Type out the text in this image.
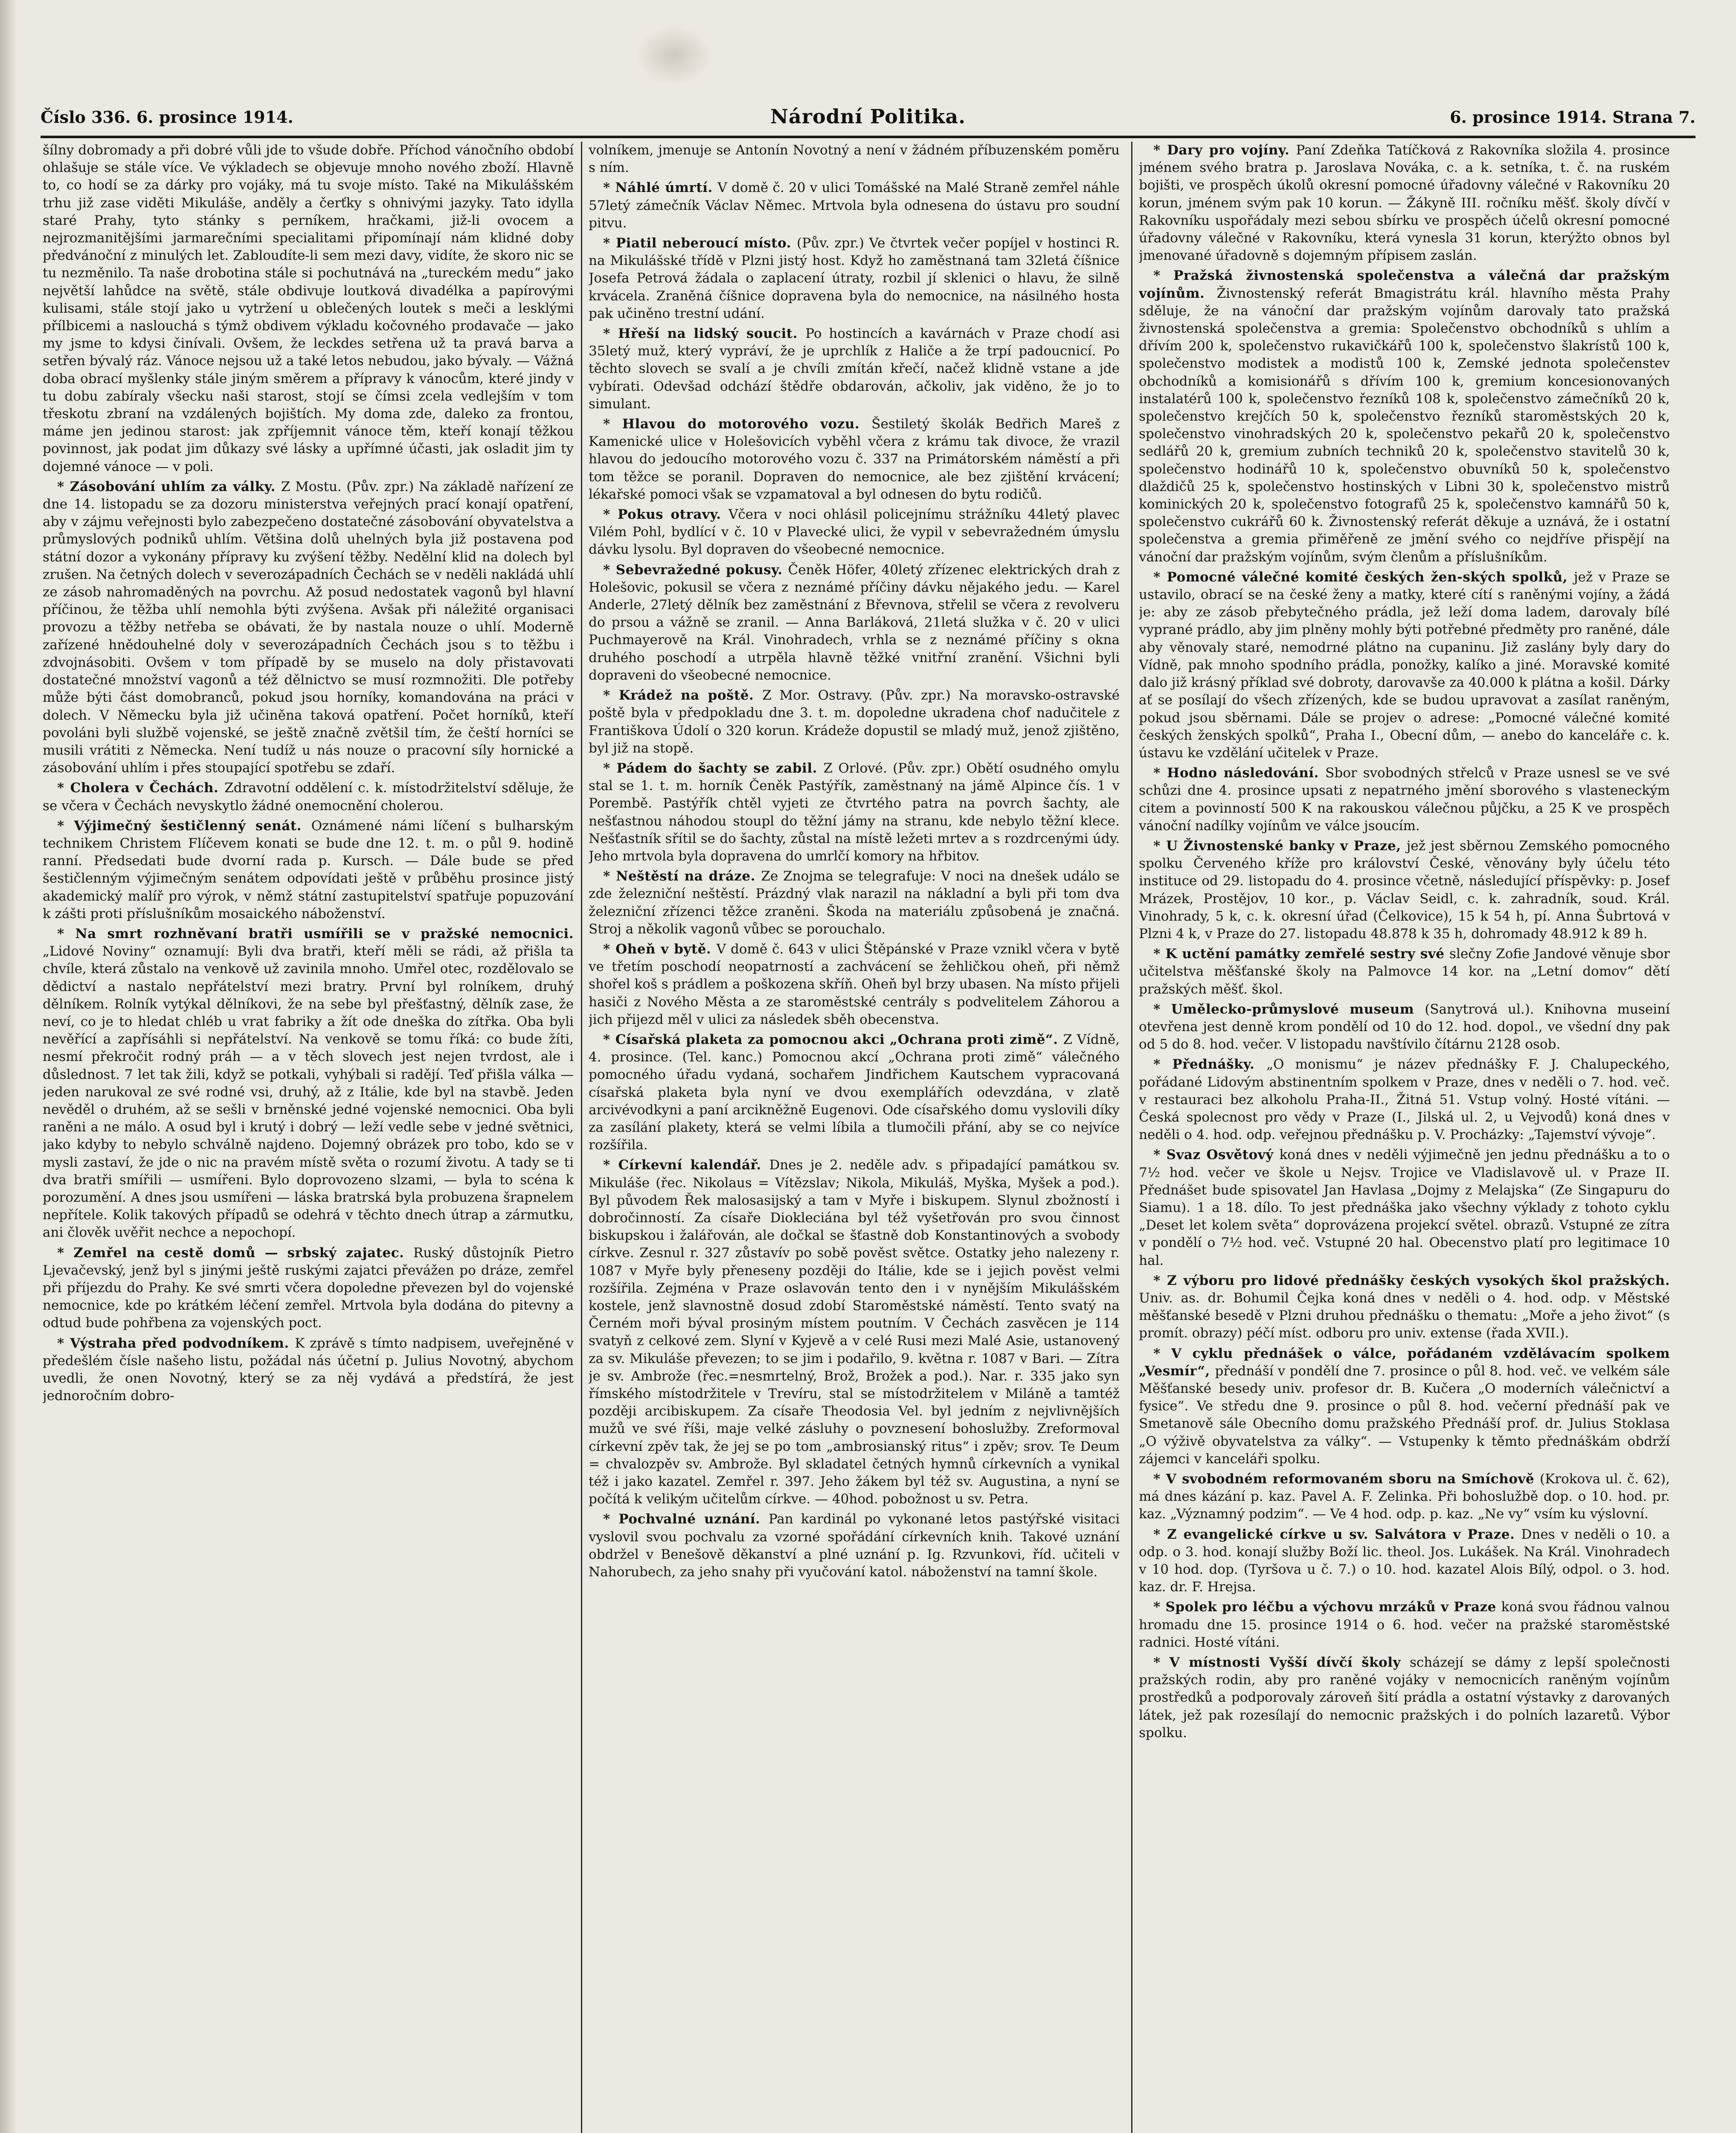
Číslo 336. 6. prosince 1914.	Národní Politika.	6. prosince 1914. Strana 7.

šílny dobromady a při dobré vůli jde to všude dobře. Příchod vánočního období ohlašuje se stále více. Ve výkladech se objevuje mnoho nového zboží. Hlavně to, co hodí se za dárky pro vojáky, má tu svoje místo. Také na Mikulášském trhu již zase viděti Mikuláše, anděly a čerťky s ohnivými jazyky. Tato idylla staré Prahy, tyto stánky s perníkem, hračkami, již-li ovocem a nejrozmanitějšími jarmarečními specialitami připomínají nám klidné doby předvánoční z minulých let. Zabloudíte-li sem mezi davy, vidíte, že skoro nic se tu nezměnilo. Ta naše drobotina stále si pochutnává na „tureckém medu“ jako největší lahůdce na světě, stále obdivuje loutková divadélka a papírovými kulisami, stále stojí jako u vytržení u oblečených loutek s meči a lesklými přílbicemi a naslouchá s týmž obdivem výkladu kočovného prodavače — jako my jsme to kdysi činívali. Ovšem, že leckdes setřena už ta pravá barva a setřen bývalý ráz. Vánoce nejsou už a také letos nebudou, jako bývaly. — Vážná doba obrací myšlenky stále jiným směrem a přípravy k vánocům, které jindy v tu dobu zabíraly všecku naši starost, stojí se čímsi zcela vedlejším v tom třeskotu zbraní na vzdálených bojištích. My doma zde, daleko za frontou, máme jen jedinou starost: jak zpříjemnit vánoce těm, kteří konají těžkou povinnost, jak podat jim důkazy své lásky a upřímné účasti, jak osladit jim ty dojemné vánoce — v poli.

* Zásobování uhlím za války. Z Mostu. (Pův. zpr.) Na základě nařízení ze dne 14. listopadu se za dozoru ministerstva veřejných prací konají opatření, aby v zájmu veřejnosti bylo zabezpečeno dostatečné zásobování obyvatelstva a průmyslových podniků uhlím. Většina dolů uhelných byla již postavena pod státní dozor a vykonány přípravy ku zvýšení těžby. Nedělní klid na dolech byl zrušen. Na četných dolech v severozápadních Čechách se v neděli nakládá uhlí ze zásob nahromaděných na povrchu. Až posud nedostatek vagonů byl hlavní příčinou, že těžba uhlí nemohla býti zvýšena. Avšak při náležité organisaci provozu a těžby netřeba se obávati, že by nastala nouze o uhlí. Moderně zařízené hnědouhelné doly v severozápadních Čechách jsou s to těžbu i zdvojnásobiti. Ovšem v tom případě by se muselo na doly přistavovati dostatečné množství vagonů a též dělnictvo se musí rozmnožiti. Dle potřeby může býti část domobranců, pokud jsou horníky, komandována na práci v dolech. V Německu byla již učiněna taková opatření. Počet horníků, kteří povoláni byli službě vojenské, se ještě značně zvětšil tím, že čeští horníci se musili vrátiti z Německa. Není tudíž u nás nouze o pracovní síly hornické a zásobování uhlím i přes stoupající spotřebu se zdaří.

* Cholera v Čechách. Zdravotní oddělení c. k. místodržitelství sděluje, že se včera v Čechách nevyskytlo žádné onemocnění cholerou.

* Výjimečný šestičlenný senát. Oznámené námi líčení s bulharským technikem Christem Flíčevem konati se bude dne 12. t. m. o půl 9. hodině ranní. Předsedati bude dvorní rada p. Kursch. — Dále bude se před šestičlenným výjimečným senátem odpovídati ještě v průběhu prosince jistý akademický malíř pro výrok, v němž státní zastupitelství spatřuje popuzování k zášti proti příslušníkům mosaického náboženství.

* Na smrt rozhněvaní bratři usmířili se v pražské nemocnici. „Lidové Noviny“ oznamují: Byli dva bratři, kteří měli se rádi, až přišla ta chvíle, která zůstalo na venkově už zavinila mnoho. Umřel otec, rozdělovalo se dědictví a nastalo nepřátelství mezi bratry. První byl rolníkem, druhý dělníkem. Rolník vytýkal dělníkovi, že na sebe byl přešťastný, dělník zase, že neví, co je to hledat chléb u vrat fabriky a žít ode dneška do zítřka. Oba byli nevěřící a zapřísáhli si nepřátelství. Na venkově se tomu říká: co bude žíti, nesmí překročit rodný práh — a v těch slovech jest nejen tvrdost, ale i důslednost. 7 let tak žili, když se potkali, vyhýbali si radějí. Teď přišla válka — jeden narukoval ze své rodné vsi, druhý, až z Itálie, kde byl na stavbě. Jeden nevěděl o druhém, až se sešli v brněnské jedné vojenské nemocnici. Oba byli raněni a ne málo. A osud byl i krutý i dobrý — leží vedle sebe v jedné světnici, jako kdyby to nebylo schválně najdeno. Dojemný obrázek pro tobo, kdo se v mysli zastaví, že jde o nic na pravém místě světa o rozumí životu. A tady se ti dva bratři smířili — usmířeni. Bylo doprovozeno slzami, — byla to scéna k porozumění. A dnes jsou usmířeni — láska bratrská byla probuzena šrapnelem nepřítele. Kolik takových případů se odehrá v těchto dnech útrap a zármutku, ani člověk uvěřit nechce a nepochopí.

* Zemřel na cestě domů — srbský zajatec. Ruský důstojník Pietro Ljevačevský, jenž byl s jinými ještě ruskými zajatci převážen po dráze, zemřel při příjezdu do Prahy. Ke své smrti včera dopoledne převezen byl do vojenské nemocnice, kde po krátkém léčení zemřel. Mrtvola byla dodána do pitevny a odtud bude pohřbena za vojenských poct.

* Výstraha před podvodníkem. K zprávě s tímto nadpisem, uveřejněné v předešlém čísle našeho listu, požádal nás účetní p. Julius Novotný, abychom uvedli, že onen Novotný, který se za něj vydává a předstírá, že jest jednoročním dobro-

volníkem, jmenuje se Antonín Novotný a není v žádném příbuzenském poměru s ním.

* Náhlé úmrtí. V domě č. 20 v ulici Tomášské na Malé Straně zemřel náhle 57letý zámečník Václav Němec. Mrtvola byla odnesena do ústavu pro soudní pitvu.

* Piatil neberoucí místo. (Pův. zpr.) Ve čtvrtek večer popíjel v hostinci R. na Mikulášské třídě v Plzni jistý host. Když ho zaměstnaná tam 32letá číšnice Josefa Petrová žádala o zaplacení útraty, rozbil jí sklenici o hlavu, že silně krvácela. Zraněná číšnice dopravena byla do nemocnice, na násilného hosta pak učiněno trestní udání.

* Hřeší na lidský soucit. Po hostincích a kavárnách v Praze chodí asi 35letý muž, který vypráví, že je uprchlík z Haliče a že trpí padoucnicí. Po těchto slovech se svalí a je chvíli zmítán křečí, načež klidně vstane a jde vybírati. Odevšad odchází štědře obdarován, ačkoliv, jak viděno, že jo to simulant.

* Hlavou do motorového vozu. Šestiletý školák Bedřich Mareš z Kamenické ulice v Holešovicích vyběhl včera z krámu tak divoce, že vrazil hlavou do jedoucího motorového vozu č. 337 na Primátorském náměstí a při tom těžce se poranil. Dopraven do nemocnice, ale bez zjištění krvácení; lékařské pomoci však se vzpamatoval a byl odnesen do bytu rodičů.

* Pokus otravy. Včera v noci ohlásil policejnímu strážníku 44letý plavec Vilém Pohl, bydlící v č. 10 v Plavecké ulici, že vypil v sebevražedném úmyslu dávku lysolu. Byl dopraven do všeobecné nemocnice.

* Sebevražedné pokusy. Čeněk Höfer, 40letý zřízenec elektrických drah z Holešovic, pokusil se včera z neznámé příčiny dávku nějakého jedu. — Karel Anderle, 27letý dělník bez zaměstnání z Břevnova, střelil se včera z revolveru do prsou a vážně se zranil. — Anna Barláková, 21letá služka v č. 20 v ulici Puchmayerově na Král. Vinohradech, vrhla se z neznámé příčiny s okna druhého poschodí a utrpěla hlavně těžké vnitřní zranění. Všichni byli dopraveni do všeobecné nemocnice.

* Krádež na poště. Z Mor. Ostravy. (Pův. zpr.) Na moravsko-ostravské poště byla v předpokladu dne 3. t. m. dopoledne ukradena chof nadučitele z Františkova Údolí o 320 korun. Krádeže dopustil se mladý muž, jenož zjištěno, byl již na stopě.

* Pádem do šachty se zabil. Z Orlové. (Pův. zpr.) Obětí osudného omylu stal se 1. t. m. horník Čeněk Pastýřík, zaměstnaný na jámě Alpince čís. 1 v Porembě. Pastýřík chtěl vyjeti ze čtvrtého patra na povrch šachty, ale nešťastnou náhodou stoupl do těžní jámy na stranu, kde nebylo těžní klece. Nešťastník sřítil se do šachty, zůstal na místě ležeti mrtev a s rozdrcenými údy. Jeho mrtvola byla dopravena do umrlčí komory na hřbitov.

* Neštěstí na dráze. Ze Znojma se telegrafuje: V noci na dnešek událo se zde železniční neštěstí. Prázdný vlak narazil na nákladní a byli při tom dva železniční zřízenci těžce zraněni. Škoda na materiálu způsobená je značná. Stroj a několik vagonů vůbec se porouchalo.

* Oheň v bytě. V domě č. 643 v ulici Štěpánské v Praze vznikl včera v bytě ve třetím poschodí neopatrností a zachvácení se žehličkou oheň, při němž shořel koš s prádlem a poškozena skříň. Oheň byl brzy ubasen. Na místo přijeli hasiči z Nového Města a ze staroměstské centrály s podvelitelem Záhorou a jich přijezd měl v ulici za následek sběh obecenstva.

* Císařská plaketa za pomocnou akci „Ochrana proti zimě“. Z Vídně, 4. prosince. (Tel. kanc.) Pomocnou akcí „Ochrana proti zimě“ válečného pomocného úřadu vydaná, sochařem Jindřichem Kautschem vypracovaná císařská plaketa byla nyní ve dvou exemplářích odevzdána, v zlatě arcivévodkyni a paní arcikněžně Eugenovi. Ode císařského domu vyslovili díky za zasílání plakety, která se velmi líbila a tlumočili přání, aby se co nejvíce rozšířila.

* Církevní kalendář. Dnes je 2. neděle adv. s připadající památkou sv. Mikuláše (řec. Nikolaus = Vítězslav; Nikola, Mikuláš, Myška, Myšek a pod.). Byl původem Řek malosasijský a tam v Myře i biskupem. Slynul zbožností i dobročinností. Za císaře Diokleciána byl též vyšetřován pro svou činnost biskupskou i žalářován, ale dočkal se šťastně dob Konstantinových a svobody církve. Zesnul r. 327 zůstavív po sobě pověst světce. Ostatky jeho nalezeny r. 1087 v Myře byly přeneseny později do Itálie, kde se i jejich pověst velmi rozšířila. Zejména v Praze oslavován tento den i v nynějším Mikulášském kostele, jenž slavnostně dosud zdobí Staroměstské náměstí. Tento svatý na Černém moři býval prosiným místem poutním. V Čechách zasvěcen je 114 svatyň z celkové zem. Slyní v Kyjevě a v celé Rusi mezi Malé Asie, ustanovený za sv. Mikuláše převezen; to se jim i podařilo, 9. května r. 1087 v Bari. — Zítra je sv. Ambrože (řec.=nesmrtelný, Brož, Brožek a pod.). Nar. r. 335 jako syn římského místodržitele v Trevíru, stal se místodržitelem v Miláně a tamtéž později arcibiskupem. Za císaře Theodosia Vel. byl jedním z nejvlivnějších mužů ve své říši, maje velké zásluhy o povznesení bohoslužby. Zreformoval církevní zpěv tak, že jej se po tom „ambrosianský ritus“ i zpěv; srov. Te Deum = chvalozpěv sv. Ambrože. Byl skladatel četných hymnů církevních a vynikal též i jako kazatel. Zemřel r. 397. Jeho žákem byl též sv. Augustina, a nyní se počítá k velikým učitelům církve. — 40hod. pobožnost u sv. Petra.

* Pochvalné uznání. Pan kardinál po vykonané letos pastýřské visitaci vyslovil svou pochvalu za vzorné spořádání církevních knih. Takové uznání obdržel v Benešově děkanství a plné uznání p. Ig. Rzvunkovi, říd. učiteli v Nahorubech, za jeho snahy při vyučování katol. náboženství na tamní škole.

* Dary pro vojíny. Paní Zdeňka Tatíčková z Rakovníka složila 4. prosince jménem svého bratra p. Jaroslava Nováka, c. a k. setníka, t. č. na ruském bojišti, ve prospěch úkolů okresní pomocné úřadovny válečné v Rakovníku 20 korun, jménem svým pak 10 korun. — Žákyně III. ročníku měšť. školy dívčí v Rakovníku uspořádaly mezi sebou sbírku ve prospěch účelů okresní pomocné úřadovny válečné v Rakovníku, která vynesla 31 korun, kterýžto obnos byl jmenované úřadovně s dojemným přípisem zaslán.

* Pražská živnostenská společenstva a válečná dar pražským vojínům. Živnostenský referát Bmagistrátu král. hlavního města Prahy sděluje, že na vánoční dar pražským vojínům darovaly tato pražská živnostenská společenstva a gremia: Společenstvo obchodníků s uhlím a dřívím 200 k, společenstvo rukavičkářů 100 k, společenstvo šlakrístů 100 k, společenstvo modistek a modistů 100 k, Zemské jednota společenstev obchodníků a komisionářů s dřívím 100 k, gremium koncesionovaných instalatérů 100 k, společenstvo řezníků 108 k, společenstvo zámečníků 20 k, společenstvo krejčích 50 k, společenstvo řezníků staroměstských 20 k, společenstvo vinohradských 20 k, společenstvo pekařů 20 k, společenstvo sedlářů 20 k, gremium zubních techniků 20 k, společenstvo stavitelů 30 k, společenstvo hodinářů 10 k, společenstvo obuvníků 50 k, společenstvo dlaždičů 25 k, společenstvo hostinských v Libni 30 k, společenstvo mistrů kominických 20 k, společenstvo fotografů 25 k, společenstvo kamnářů 50 k, společenstvo cukrářů 60 k. Živnostenský referát děkuje a uznává, že i ostatní společenstva a gremia přiměřeně ze jmění svého co nejdříve přispějí na vánoční dar pražským vojínům, svým členům a příslušníkům.

* Pomocné válečné komité českých žen-ských spolků, jež v Praze se ustavilo, obrací se na české ženy a matky, které cítí s raněnými vojíny, a žádá je: aby ze zásob přebytečného prádla, jež leží doma ladem, darovaly bílé vyprané prádlo, aby jim plněny mohly býti potřebné předměty pro raněné, dále aby věnovaly staré, nemodrné plátno na cupaninu. Již zaslány byly dary do Vídně, pak mnoho spodního prádla, ponožky, kalíko a jiné. Moravské komité dalo již krásný příklad své dobroty, darovavše za 40.000 k plátna a košil. Dárky ať se posílají do všech zřízených, kde se budou upravovat a zasílat raněným, pokud jsou sběrnami. Dále se projev o adrese: „Pomocné válečné komité českých ženských spolků“, Praha I., Obecní dům, — anebo do kanceláře c. k. ústavu ke vzdělání učitelek v Praze.

* Hodno následování. Sbor svobodných střelců v Praze usnesl se ve své schůzi dne 4. prosince upsati z nepatrného jmění sborového s vlasteneckým citem a povinností 500 K na rakouskou válečnou půjčku, a 25 K ve prospěch vánoční nadílky vojínům ve válce jsoucím.

* U Živnostenské banky v Praze, jež jest sběrnou Zemského pomocného spolku Červeného kříže pro království České, věnovány byly účelu této instituce od 29. listopadu do 4. prosince včetně, následující příspěvky: p. Josef Mrázek, Prostějov, 10 kor., p. Václav Seidl, c. k. zahradník, soud. Král. Vinohrady, 5 k, c. k. okresní úřad (Čelkovice), 15 k 54 h, pí. Anna Šubrtová v Plzni 4 k, v Praze do 27. listopadu 48.878 k 35 h, dohromady 48.912 k 89 h.

* K uctění památky zemřelé sestry své slečny Zofie Jandové věnuje sbor učitelstva měšťanské školy na Palmovce 14 kor. na „Letní domov“ dětí pražských měšť. škol.

* Umělecko-průmyslové museum (Sanytrová ul.). Knihovna museiní otevřena jest denně krom pondělí od 10 do 12. hod. dopol., ve všední dny pak od 5 do 8. hod. večer. V listopadu navštívilo čítárnu 2128 osob.

* Přednášky. „O monismu“ je název přednášky F. J. Chalupeckého, pořádané Lidovým abstinentním spolkem v Praze, dnes v neděli o 7. hod. več. v restauraci bez alkoholu Praha-II., Žitná 51. Vstup volný. Hosté vítáni. — Česká spolecnost pro vědy v Praze (I., Jilská ul. 2, u Vejvodů) koná dnes v neděli o 4. hod. odp. veřejnou přednášku p. V. Procházky: „Tajemství vývoje“.

* Svaz Osvětový koná dnes v neděli výjimečně jen jednu přednášku a to o 7½ hod. večer ve škole u Nejsv. Trojice ve Vladislavově ul. v Praze II. Přednášet bude spisovatel Jan Havlasa „Dojmy z Melajska“ (Ze Singapuru do Siamu). 1 a 18. dílo. To jest přednáška jako všechny výklady z tohoto cyklu „Deset let kolem světa“ doprovázena projekcí světel. obrazů. Vstupné ze zítra v pondělí o 7½ hod. več. Vstupné 20 hal. Obecenstvo platí pro legitimace 10 hal.

* Z výboru pro lidové přednášky českých vysokých škol pražských. Univ. as. dr. Bohumil Čejka koná dnes v neděli o 4. hod. odp. v Městské měšťanské besedě v Plzni druhou přednášku o thematu: „Moře a jeho život“ (s promít. obrazy) péčí míst. odboru pro univ. extense (řada XVII.).

* V cyklu přednášek o válce, pořádaném vzdělávacím spolkem „Vesmír“, přednáší v pondělí dne 7. prosince o půl 8. hod. več. ve velkém sále Měšťanské besedy univ. profesor dr. B. Kučera „O moderních válečnictví a fysice“. Ve středu dne 9. prosince o půl 8. hod. večerní přednáší pak ve Smetanově sále Obecního domu pražského Přednáší prof. dr. Julius Stoklasa „O výživě obyvatelstva za války“. — Vstupenky k těmto přednáškám obdrží zájemci v kanceláři spolku.

* V svobodném reformovaném sboru na Smíchově (Krokova ul. č. 62), má dnes kázání p. kaz. Pavel A. F. Zelinka. Při bohoslužbě dop. o 10. hod. pr. kaz. „Významný podzim“. — Ve 4 hod. odp. p. kaz. „Ne vy“ vsím ku výslovní.

* Z evangelické církve u sv. Salvátora v Praze. Dnes v neděli o 10. a odp. o 3. hod. konají služby Boží lic. theol. Jos. Lukášek. Na Král. Vinohradech v 10 hod. dop. (Tyršova u č. 7.) o 10. hod. kazatel Alois Bílý, odpol. o 3. hod. kaz. dr. F. Hrejsa.

* Spolek pro léčbu a výchovu mrzáků v Praze koná svou řádnou valnou hromadu dne 15. prosince 1914 o 6. hod. večer na pražské staroměstské radnici. Hosté vítáni.

* V místnosti Vyšší dívčí školy scházejí se dámy z lepší společnosti pražských rodin, aby pro raněné vojáky v nemocnicích raněným vojínům prostředků a podporovaly zároveň šití prádla a ostatní výstavky z darovaných látek, jež pak rozesílají do nemocnic pražských i do polních lazaretů. Výbor spolku.
